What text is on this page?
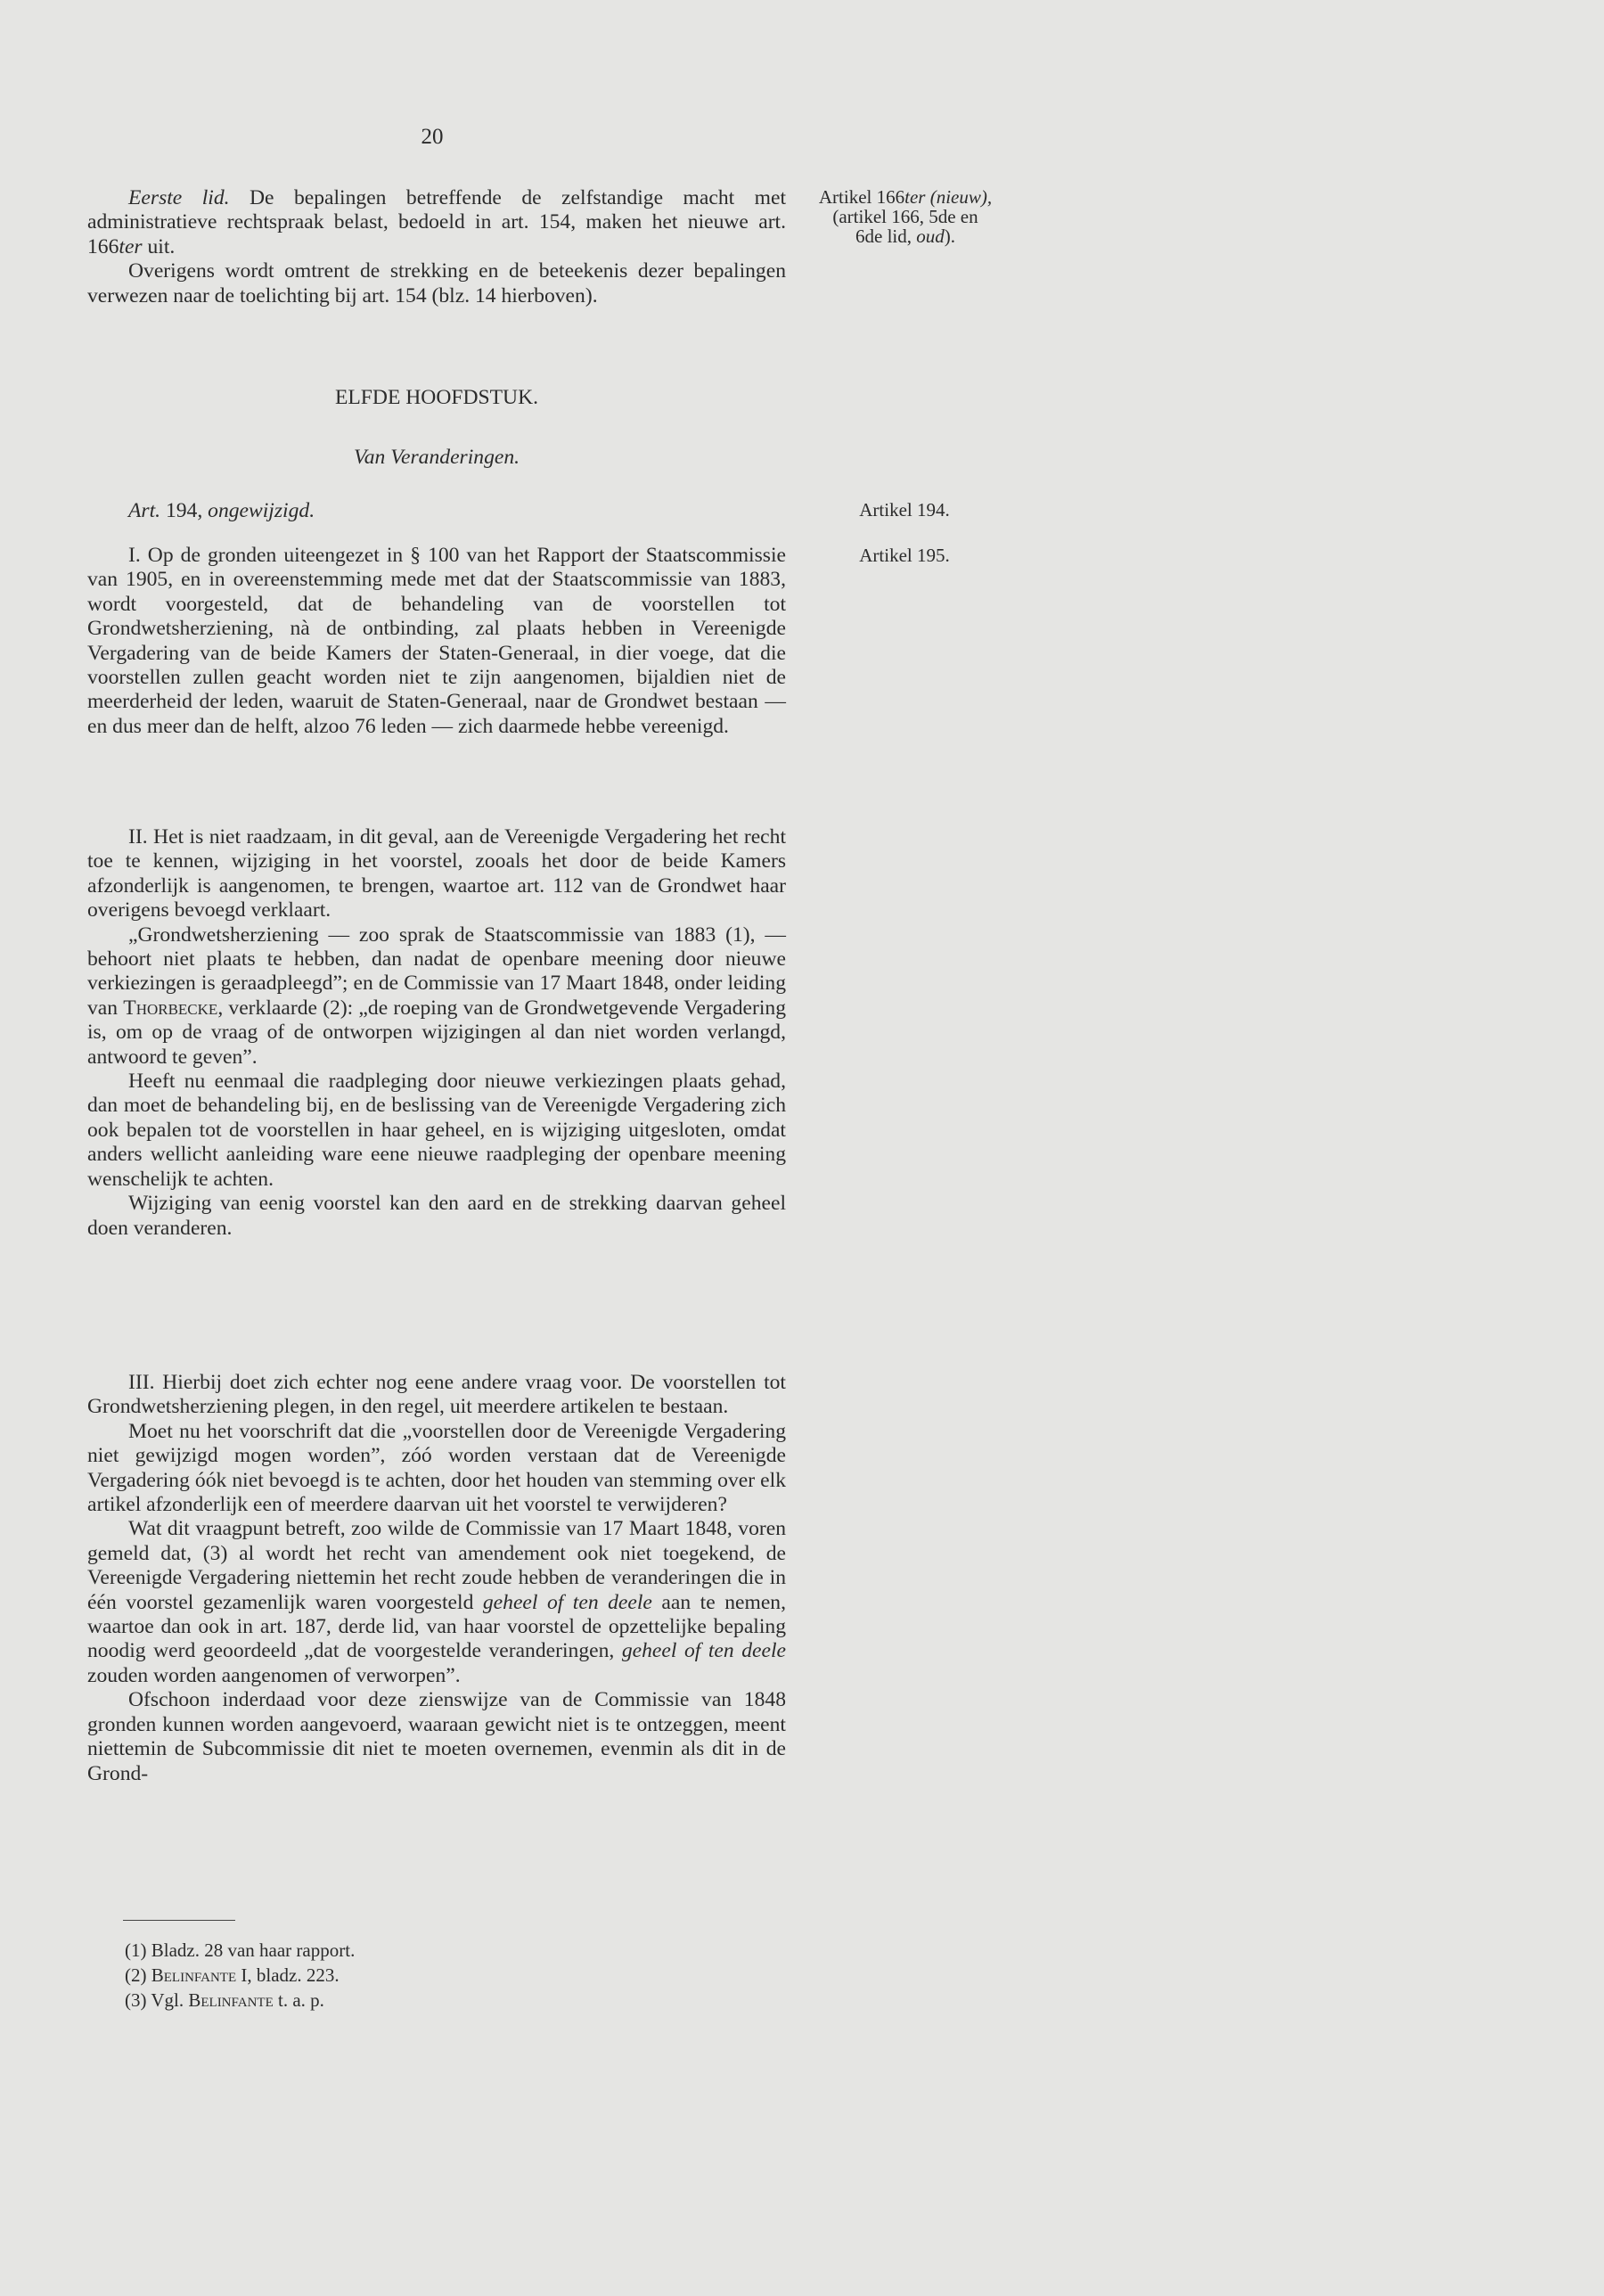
20

Eerste lid. De bepalingen betreffende de zelfstandige macht met administratieve rechtspraak belast, bedoeld in art. 154, maken het nieuwe art. 166ter uit.

Overigens wordt omtrent de strekking en de beteekenis dezer bepalingen verwezen naar de toelichting bij art. 154 (blz. 14 hierboven).

Artikel 166ter (nieuw),
(artikel 166, 5de en
6de lid, oud).
ELFDE HOOFDSTUK.
Van Veranderingen.

Art. 194, ongewijzigd.	Artikel 194.

I. Op de gronden uiteengezet in § 100 van het Rapport der Staatscommissie van 1905, en in overeenstemming mede met dat der Staatscommissie van 1883, wordt voorgesteld, dat de behandeling van de voorstellen tot Grondwetsherziening, nà de ontbinding, zal plaats hebben in Vereenigde Vergadering van de beide Kamers der Staten-Generaal, in dier voege, dat die voorstellen zullen geacht worden niet te zijn aangenomen, bijaldien niet de meerderheid der leden, waaruit de Staten-Generaal, naar de Grondwet bestaan — en dus meer dan de helft, alzoo 76 leden — zich daarmede hebbe vereenigd.

Artikel 195.

II. Het is niet raadzaam, in dit geval, aan de Vereenigde Vergadering het recht toe te kennen, wijziging in het voorstel, zooals het door de beide Kamers afzonderlijk is aangenomen, te brengen, waartoe art. 112 van de Grondwet haar overigens bevoegd verklaart.

„Grondwetsherziening — zoo sprak de Staatscommissie van 1883 (1), — behoort niet plaats te hebben, dan nadat de openbare meening door nieuwe verkiezingen is geraadpleegd”; en de Commissie van 17 Maart 1848, onder leiding van Thorbecke, verklaarde (2): „de roeping van de Grondwetgevende Vergadering is, om op de vraag of de ontworpen wijzigingen al dan niet worden verlangd, antwoord te geven”.

Heeft nu eenmaal die raadpleging door nieuwe verkiezingen plaats gehad, dan moet de behandeling bij, en de beslissing van de Vereenigde Vergadering zich ook bepalen tot de voorstellen in haar geheel, en is wijziging uitgesloten, omdat anders wellicht aanleiding ware eene nieuwe raadpleging der openbare meening wenschelijk te achten.

Wijziging van eenig voorstel kan den aard en de strekking daarvan geheel doen veranderen.

III. Hierbij doet zich echter nog eene andere vraag voor. De voorstellen tot Grondwetsherziening plegen, in den regel, uit meerdere artikelen te bestaan.

Moet nu het voorschrift dat die „voorstellen door de Vereenigde Vergadering niet gewijzigd mogen worden”, zóó worden verstaan dat de Vereenigde Vergadering óók niet bevoegd is te achten, door het houden van stemming over elk artikel afzonderlijk een of meerdere daarvan uit het voorstel te verwijderen?

Wat dit vraagpunt betreft, zoo wilde de Commissie van 17 Maart 1848, voren gemeld dat, (3) al wordt het recht van amendement ook niet toegekend, de Vereenigde Vergadering niettemin het recht zoude hebben de veranderingen die in één voorstel gezamenlijk waren voorgesteld geheel of ten deele aan te nemen, waartoe dan ook in art. 187, derde lid, van haar voorstel de opzettelijke bepaling noodig werd geoordeeld „dat de voorgestelde veranderingen, geheel of ten deele zouden worden aangenomen of verworpen”.

Ofschoon inderdaad voor deze zienswijze van de Commissie van 1848 gronden kunnen worden aangevoerd, waaraan gewicht niet is te ontzeggen, meent niettemin de Subcommissie dit niet te moeten overnemen, evenmin als dit in de Grond-

(1) Bladz. 28 van haar rapport.
(2) Belinfante I, bladz. 223.
(3) Vgl. Belinfante t. a. p.
